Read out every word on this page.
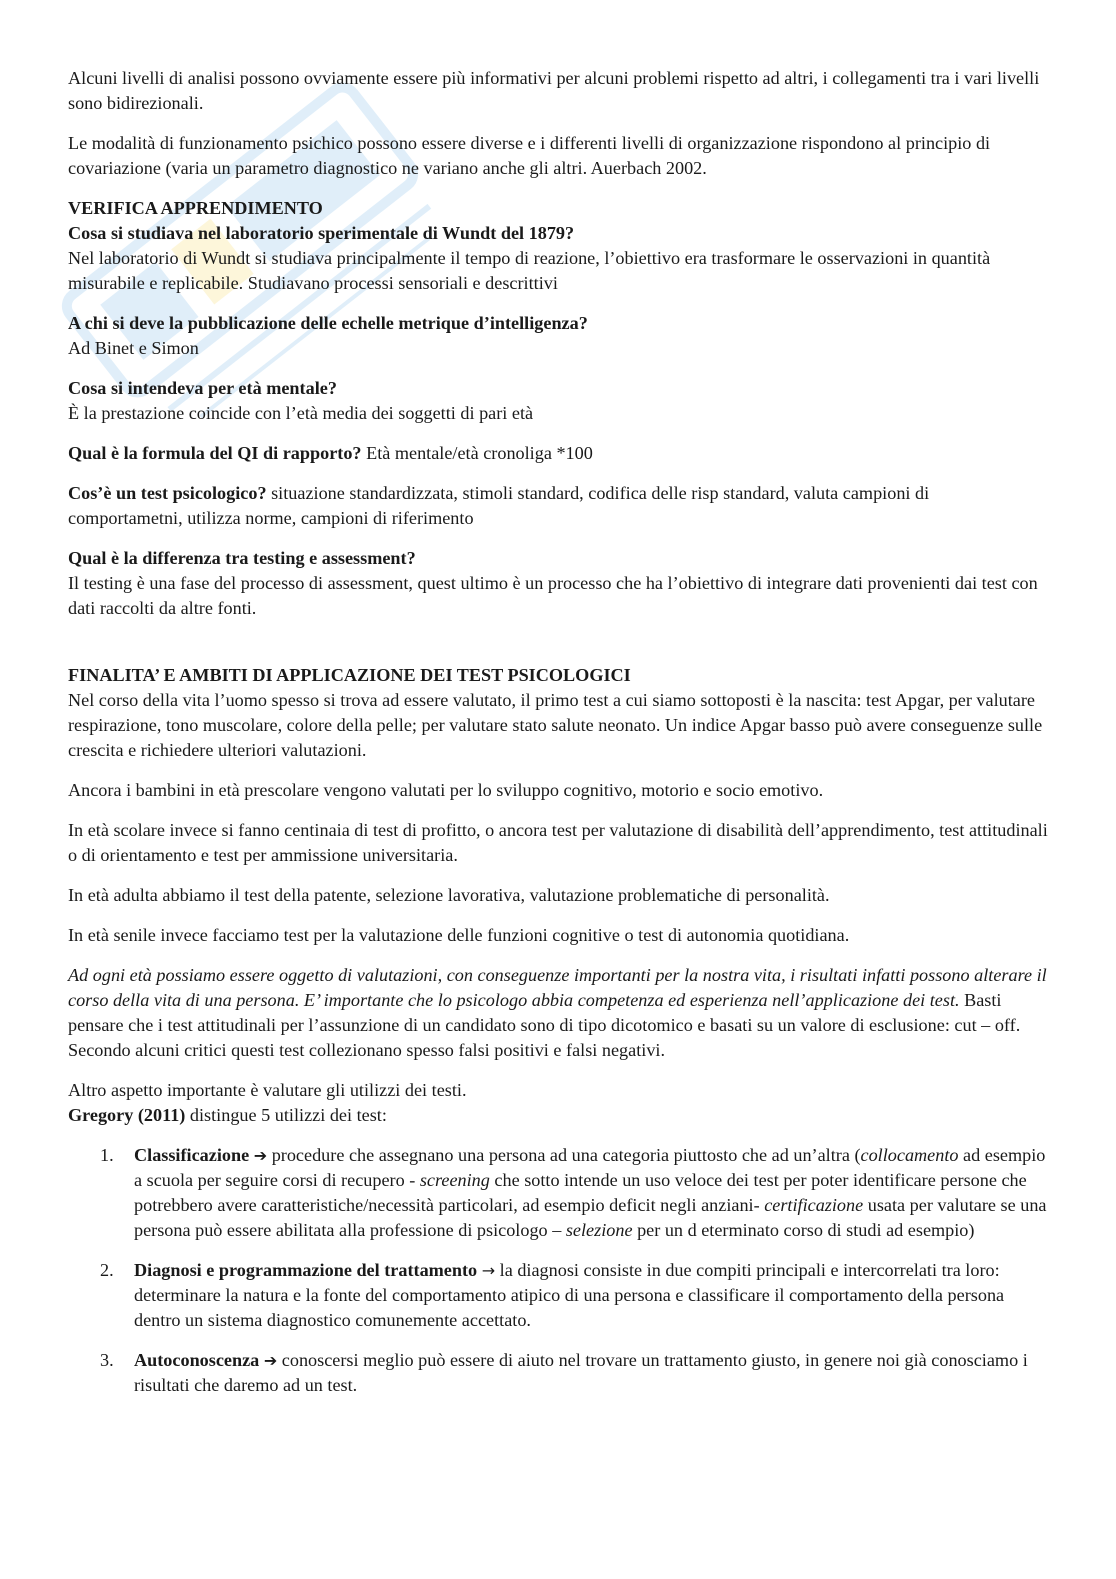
Alcuni livelli di analisi possono ovviamente essere più informativi per alcuni problemi rispetto ad altri, i collegamenti tra i vari livelli sono bidirezionali.

Le modalità di funzionamento psichico possono essere diverse e i differenti livelli di organizzazione rispondono al principio di covariazione (varia un parametro diagnostico ne variano anche gli altri. Auerbach 2002.

VERIFICA APPRENDIMENTO

Cosa si studiava nel laboratorio sperimentale di Wundt del 1879?

Nel laboratorio di Wundt si studiava principalmente il tempo di reazione, l’obiettivo era trasformare le osservazioni in quantità misurabile e replicabile. Studiavano processi sensoriali e descrittivi

A chi si deve la pubblicazione delle echelle metrique d’intelligenza?

Ad Binet e Simon

Cosa si intendeva per età mentale?

È la prestazione coincide con l’età media dei soggetti di pari età

Qual è la formula del QI di rapporto? Età mentale/età cronoliga *100

Cos’è un test psicologico? situazione standardizzata, stimoli standard, codifica delle risp standard, valuta campioni di comportametni, utilizza norme, campioni di riferimento

Qual è la differenza tra testing e assessment?

Il testing è una fase del processo di assessment, quest ultimo è un processo che ha l’obiettivo di integrare dati provenienti dai test con dati raccolti da altre fonti.

FINALITA’ E AMBITI DI APPLICAZIONE DEI TEST PSICOLOGICI

Nel corso della vita l’uomo spesso si trova ad essere valutato, il primo test a cui siamo sottoposti è la nascita: test Apgar, per valutare respirazione, tono muscolare, colore della pelle; per valutare stato salute neonato. Un indice Apgar basso può avere conseguenze sulle crescita e richiedere ulteriori valutazioni.

Ancora i bambini in età prescolare vengono valutati per lo sviluppo cognitivo, motorio e socio emotivo.

In età scolare invece si fanno centinaia di test di profitto, o ancora test per valutazione di disabilità dell’apprendimento, test attitudinali o di orientamento e test per ammissione universitaria.

In età adulta abbiamo il test della patente, selezione lavorativa, valutazione problematiche di personalità.

In età senile invece facciamo test per la valutazione delle funzioni cognitive o test di autonomia quotidiana.

Ad ogni età possiamo essere oggetto di valutazioni, con conseguenze importanti per la nostra vita, i risultati infatti possono alterare il corso della vita di una persona. E’ importante che lo psicologo abbia competenza ed esperienza nell’applicazione dei test. Basti pensare che i test attitudinali per l’assunzione di un candidato sono di tipo dicotomico e basati su un valore di esclusione: cut – off. Secondo alcuni critici questi test collezionano spesso falsi positivi e falsi negativi.

Altro aspetto importante è valutare gli utilizzi dei testi.

Gregory (2011) distingue 5 utilizzi dei test:

1. Classificazione ➔ procedure che assegnano una persona ad una categoria piuttosto che ad un’altra (collocamento ad esempio a scuola per seguire corsi di recupero - screening che sotto intende un uso veloce dei test per poter identificare persone che potrebbero avere caratteristiche/necessità particolari, ad esempio deficit negli anziani- certificazione usata per valutare se una persona può essere abilitata alla professione di psicologo – selezione per un d eterminato corso di studi ad esempio)
2. Diagnosi e programmazione del trattamento → la diagnosi consiste in due compiti principali e intercorrelati tra loro: determinare la natura e la fonte del comportamento atipico di una persona e classificare il comportamento della persona dentro un sistema diagnostico comunemente accettato.
3. Autoconoscenza ➔ conoscersi meglio può essere di aiuto nel trovare un trattamento giusto, in genere noi già conosciamo i risultati che daremo ad un test.
